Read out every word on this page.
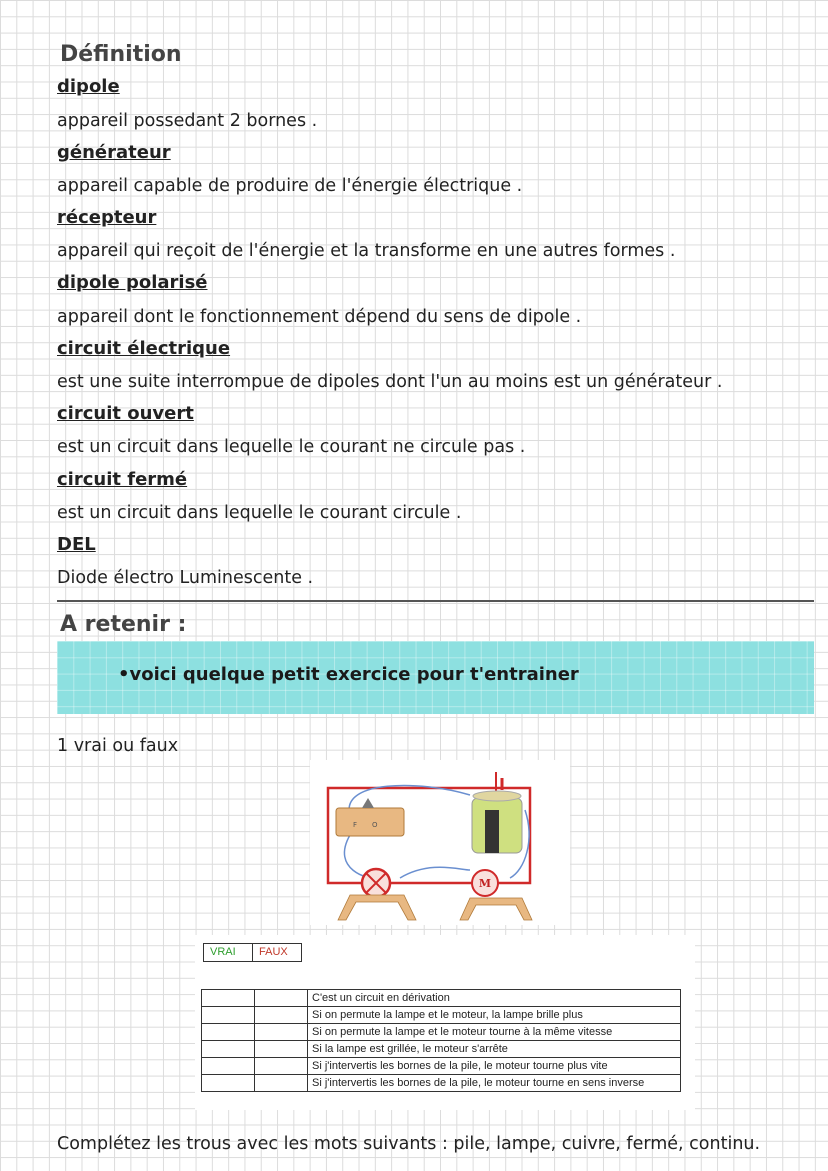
Définition
dipole
appareil possedant 2 bornes .
générateur
appareil capable de produire de l'énergie électrique .
récepteur
appareil qui reçoit de l'énergie et la transforme en une autres formes .
dipole polarisé
appareil dont le fonctionnement dépend du sens de dipole .
circuit électrique
est une suite interrompue de dipoles dont l'un au moins est un générateur .
circuit ouvert
est un circuit dans lequelle le courant ne circule pas .
circuit fermé
est un circuit dans lequelle le courant circule .
DEL
Diode électro Luminescente .
A retenir :
•voici quelque petit exercice pour t'entrainer
1 vrai ou faux
F O
M
VRAI	FAUX
		C'est un circuit en dérivation
		Si on permute la lampe et le moteur, la lampe brille plus
		Si on permute la lampe et le moteur tourne à la même vitesse
		Si la lampe est grillée, le moteur s'arrête
		Si j'intervertis les bornes de la pile, le moteur tourne plus vite
		Si j'intervertis les bornes de la pile, le moteur tourne en sens inverse
Complétez les trous avec les mots suivants : pile, lampe, cuivre, fermé, continu.
